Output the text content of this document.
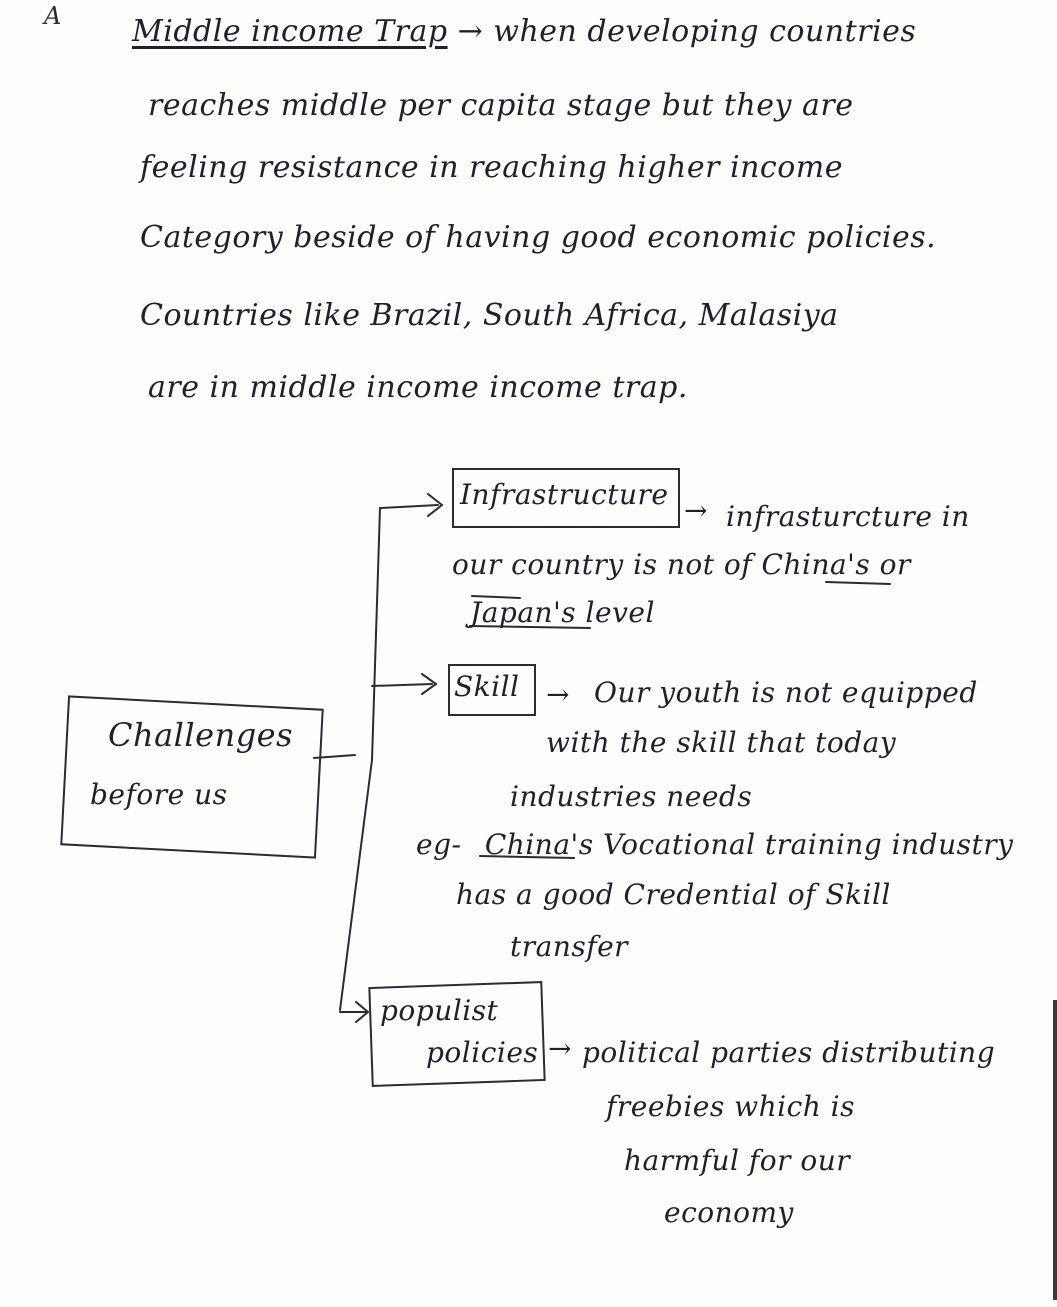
A Middle income Trap → when developing countries
reaches middle per capita stage but they are
feeling resistance in reaching higher income
Category beside of having good economic policies.
Countries like Brazil, South Africa, Malasiya
are in middle income income trap.
Challenges
before us
Infrastructure → infrasturcture in
our country is not of China's or
Japan's level
Skill → Our youth is not equipped
with the skill that today
industries needs
eg- China's Vocational training industry
has a good Credential of Skill
transfer
populist
policies → political parties distributing
freebies which is
harmful for our
economy
